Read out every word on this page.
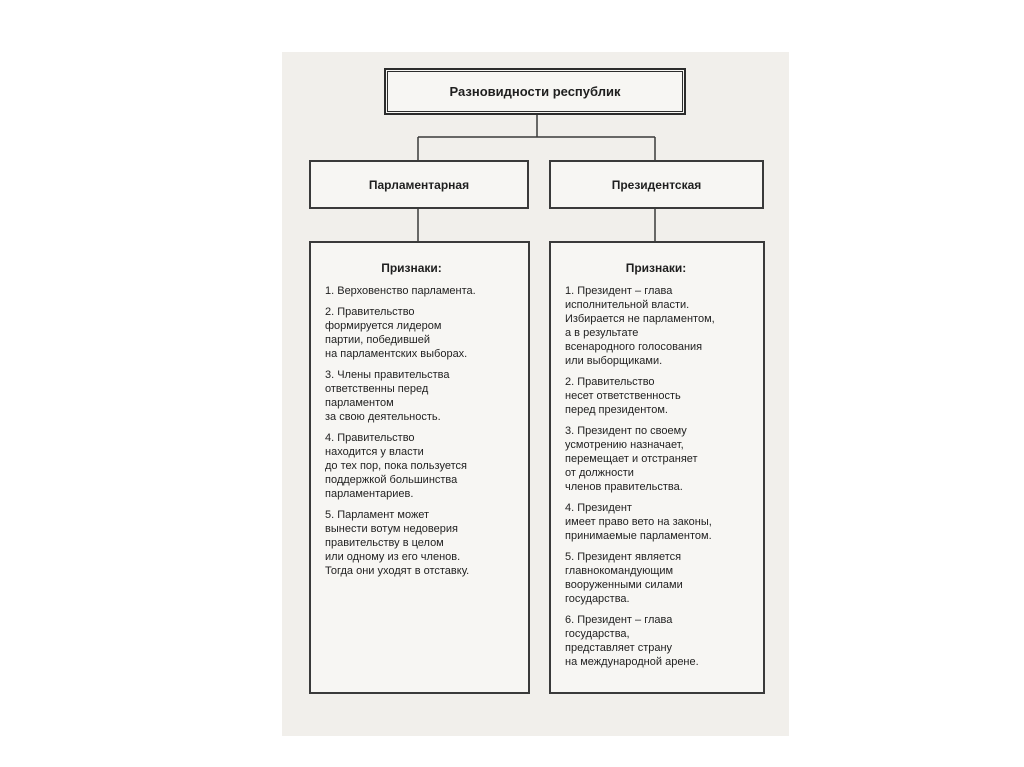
Разновидности республик
Парламентарная	Президентская
Признаки:
1. Верховенство парламента.
2. Правительство
формируется лидером
партии, победившей
на парламентских выборах.
3. Члены правительства
ответственны перед
парламентом
за свою деятельность.
4. Правительство
находится у власти
до тех пор, пока пользуется
поддержкой большинства
парламентариев.
5. Парламент может
вынести вотум недоверия
правительству в целом
или одному из его членов.
Тогда они уходят в отставку.
Признаки:
1. Президент – глава
исполнительной власти.
Избирается не парламентом,
а в результате
всенародного голосования
или выборщиками.
2. Правительство
несет ответственность
перед президентом.
3. Президент по своему
усмотрению назначает,
перемещает и отстраняет
от должности
членов правительства.
4. Президент
имеет право вето на законы,
принимаемые парламентом.
5. Президент является
главнокомандующим
вооруженными силами
государства.
6. Президент – глава
государства,
представляет страну
на международной арене.
